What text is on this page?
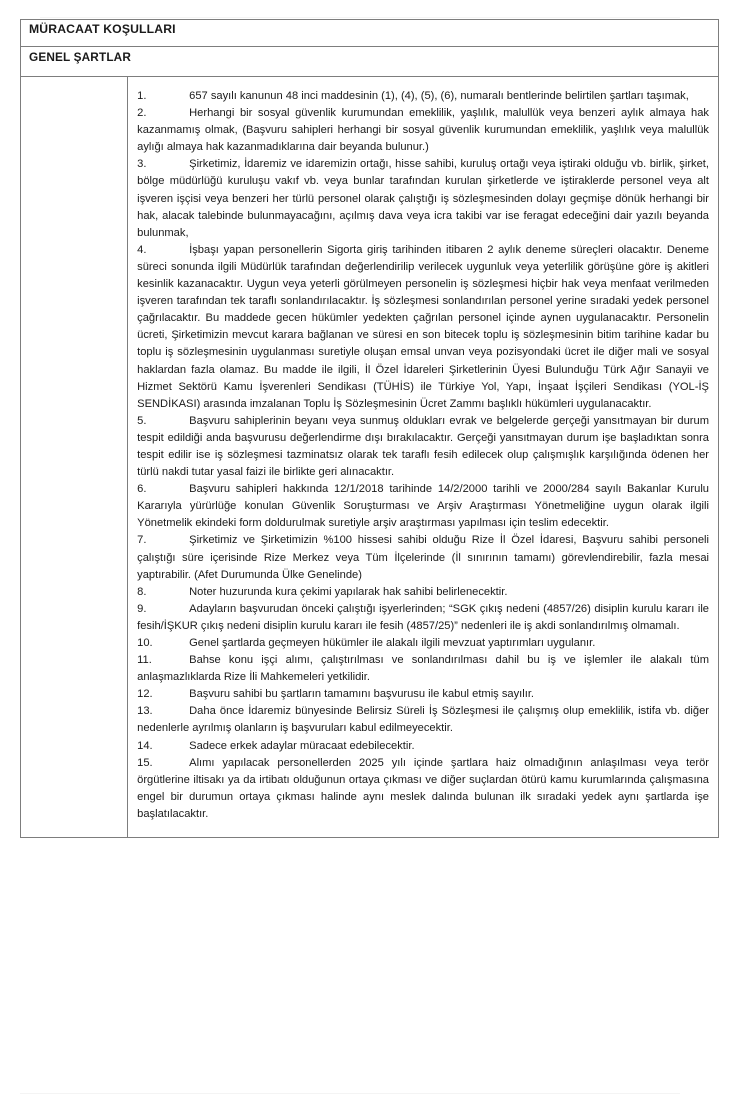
MÜRACAAT KOŞULLARI
GENEL ŞARTLAR

1.	657 sayılı kanunun 48 inci maddesinin (1), (4), (5), (6), numaralı bentlerinde belirtilen şartları taşımak,

2.	Herhangi bir sosyal güvenlik kurumundan emeklilik, yaşlılık, malullük veya benzeri aylık almaya hak kazanmamış olmak, (Başvuru sahipleri herhangi bir sosyal güvenlik kurumundan emeklilik, yaşlılık veya malullük aylığı almaya hak kazanmadıklarına dair beyanda bulunur.)

3.	Şirketimiz, İdaremiz ve idaremizin ortağı, hisse sahibi, kuruluş ortağı veya iştiraki olduğu vb. birlik, şirket, bölge müdürlüğü kuruluşu vakıf vb. veya bunlar tarafından kurulan şirketlerde ve iştiraklerde personel veya alt işveren işçisi veya benzeri her türlü personel olarak çalıştığı iş sözleşmesinden dolayı geçmişe dönük herhangi bir hak, alacak talebinde bulunmayacağını, açılmış dava veya icra takibi var ise feragat edeceğini dair yazılı beyanda bulunmak,

4.	İşbaşı yapan personellerin Sigorta giriş tarihinden itibaren 2 aylık deneme süreçleri olacaktır. Deneme süreci sonunda ilgili Müdürlük tarafından değerlendirilip verilecek uygunluk veya yeterlilik görüşüne göre iş akitleri kesinlik kazanacaktır. Uygun veya yeterli görülmeyen personelin iş sözleşmesi hiçbir hak veya menfaat verilmeden işveren tarafından tek taraflı sonlandırılacaktır. İş sözleşmesi sonlandırılan personel yerine sıradaki yedek personel çağrılacaktır. Bu maddede gecen hükümler yedekten çağrılan personel içinde aynen uygulanacaktır. Personelin ücreti, Şirketimizin mevcut karara bağlanan ve süresi en son bitecek toplu iş sözleşmesinin bitim tarihine kadar bu toplu iş sözleşmesinin uygulanması suretiyle oluşan emsal unvan veya pozisyondaki ücret ile diğer mali ve sosyal haklardan fazla olamaz. Bu madde ile ilgili, İl Özel İdareleri Şirketlerinin Üyesi Bulunduğu Türk Ağır Sanayii ve Hizmet Sektörü Kamu İşverenleri Sendikası (TÜHİS) ile Türkiye Yol, Yapı, İnşaat İşçileri Sendikası (YOL-İŞ SENDİKASI) arasında imzalanan Toplu İş Sözleşmesinin Ücret Zammı başlıklı hükümleri uygulanacaktır.

5.	Başvuru sahiplerinin beyanı veya sunmuş oldukları evrak ve belgelerde gerçeği yansıtmayan bir durum tespit edildiği anda başvurusu değerlendirme dışı bırakılacaktır. Gerçeği yansıtmayan durum işe başladıktan sonra tespit edilir ise iş sözleşmesi tazminatsız olarak tek taraflı fesih edilecek olup çalışmışlık karşılığında ödenen her türlü nakdi tutar yasal faizi ile birlikte geri alınacaktır.

6.	Başvuru sahipleri hakkında 12/1/2018 tarihinde 14/2/2000 tarihli ve 2000/284 sayılı Bakanlar Kurulu Kararıyla yürürlüğe konulan Güvenlik Soruşturması ve Arşiv Araştırması Yönetmeliğine uygun olarak ilgili Yönetmelik ekindeki form doldurulmak suretiyle arşiv araştırması yapılması için teslim edecektir.

7.	Şirketimiz ve Şirketimizin %100 hissesi sahibi olduğu Rize İl Özel İdaresi, Başvuru sahibi personeli çalıştığı süre içerisinde Rize Merkez veya Tüm İlçelerinde (İl sınırının tamamı) görevlendirebilir, fazla mesai yaptırabilir. (Afet Durumunda Ülke Genelinde)

8.	Noter huzurunda kura çekimi yapılarak hak sahibi belirlenecektir.

9.	Adayların başvurudan önceki çalıştığı işyerlerinden; “SGK çıkış nedeni (4857/26) disiplin kurulu kararı ile fesih/İŞKUR çıkış nedeni disiplin kurulu kararı ile fesih (4857/25)” nedenleri ile iş akdi sonlandırılmış olmamalı.

10.	Genel şartlarda geçmeyen hükümler ile alakalı ilgili mevzuat yaptırımları uygulanır.

11.	Bahse konu işçi alımı, çalıştırılması ve sonlandırılması dahil bu iş ve işlemler ile alakalı tüm anlaşmazlıklarda Rize İli Mahkemeleri yetkilidir.

12.	Başvuru sahibi bu şartların tamamını başvurusu ile kabul etmiş sayılır.

13.	Daha önce İdaremiz bünyesinde Belirsiz Süreli İş Sözleşmesi ile çalışmış olup emeklilik, istifa vb. diğer nedenlerle ayrılmış olanların iş başvuruları kabul edilmeyecektir.

14.	Sadece erkek adaylar müracaat edebilecektir.

15.	Alımı yapılacak personellerden 2025 yılı içinde şartlara haiz olmadığının anlaşılması veya terör örgütlerine iltisakı ya da irtibatı olduğunun ortaya çıkması ve diğer suçlardan ötürü kamu kurumlarında çalışmasına engel bir durumun ortaya çıkması halinde aynı meslek dalında bulunan ilk sıradaki yedek aynı şartlarda işe başlatılacaktır.
